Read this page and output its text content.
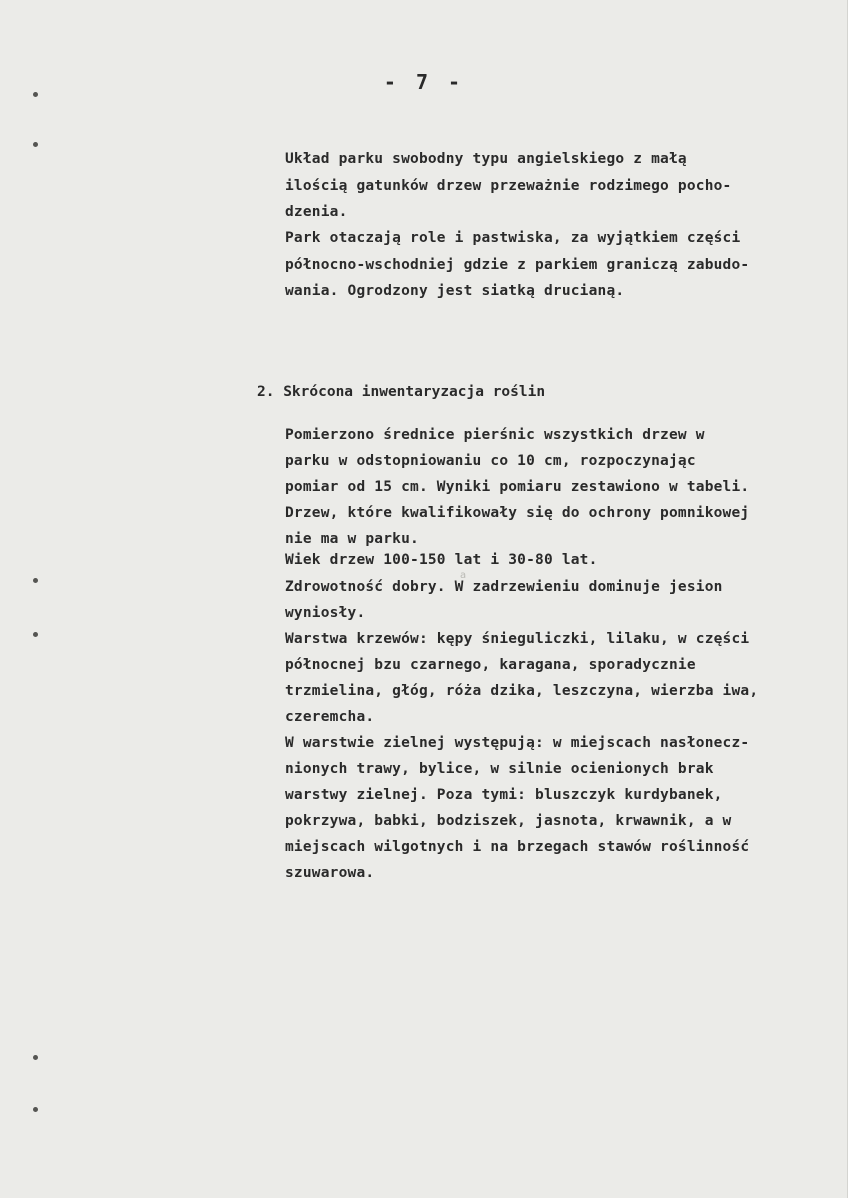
- 7 -
Układ parku swobodny typu angielskiego z małą
ilością gatunków drzew przeważnie rodzimego pocho-
dzenia.
Park otaczają role i pastwiska, za wyjątkiem części
północno-wschodniej gdzie z parkiem graniczą zabudo-
wania. Ogrodzony jest siatką drucianą.
2. Skrócona inwentaryzacja roślin
Pomierzono średnice pierśnic wszystkich drzew w
parku w odstopniowaniu co 10 cm, rozpoczynając
pomiar od 15 cm. Wyniki pomiaru zestawiono w tabeli.
Drzew, które kwalifikowały się do ochrony pomnikowej
nie ma w parku.
Wiek drzew 100-150 lat i 30-80 lat.
Zdrowotność dobry. W zadrzewieniu dominuje jesion
wyniosły.
Warstwa krzewów: kępy śnieguliczki, lilaku, w części
północnej bzu czarnego, karagana, sporadycznie
trzmielina, głóg, róża dzika, leszczyna, wierzba iwa,
czeremcha.
W warstwie zielnej występują: w miejscach nasłonecz-
nionych trawy, bylice, w silnie ocienionych brak
warstwy zielnej. Poza tymi: bluszczyk kurdybanek,
pokrzywa, babki, bodziszek, jasnota, krwawnik, a w
miejscach wilgotnych i na brzegach stawów roślinność
szuwarowa.
a
